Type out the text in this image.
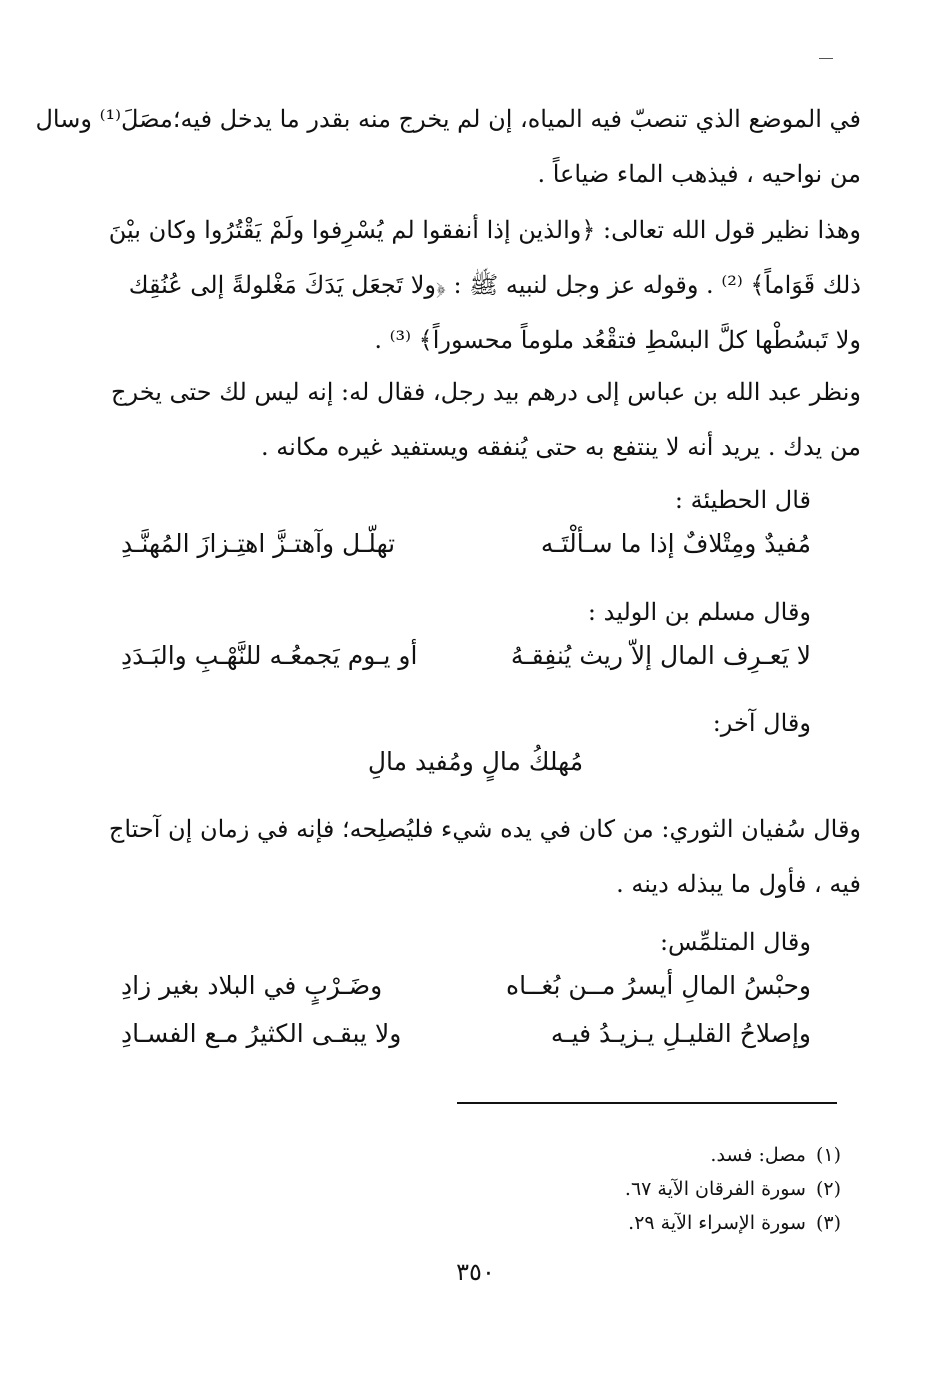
في الموضع الذي تنصبّ فيه المياه، إن لم يخرج منه بقدر ما يدخل فيه؛مصَلَ⁽¹⁾ وسال
من نواحيه ، فيذهب الماء ضياعاً .
وهذا نظير قول الله تعالى: ﴿والذين إذا أنفقوا لم يُسْرِفوا ولَمْ يَقْتُرُوا وكان بيْنَ
ذلك قَوَاماً﴾ ⁽²⁾ . وقوله عز وجل لنبيه ﷺ : ﴿ولا تَجعَل يَدَكَ مَغْلولةً إلى عُنُقِك
ولا تَبسُطْها كلَّ البسْطِ فتقْعُد ملوماً محسوراً﴾ ⁽³⁾ .
ونظر عبد الله بن عباس إلى درهم بيد رجل، فقال له: إنه ليس لك حتى يخرج
من يدك . يريد أنه لا ينتفع به حتى يُنفقه ويستفيد غيره مكانه .
قال الحطيئة :
مُفيدٌ ومِتْلافٌ إذا ما سـألْتَـه
تهلّـل وآهتـزَّ اهتِـزازَ المُهنَّـدِ
وقال مسلم بن الوليد :
لا يَعـرِف المال إلاّ ريث يُنفِقـهُ
أو يـوم يَجمعُـه للنَّهْـبِ والبَـدَدِ
وقال آخر:
مُهلكُ مالٍ ومُفيد مالِ
وقال سُفيان الثوري: من كان في يده شيء فليُصلِحه؛ فإنه في زمان إن آحتاج
فيه ، فأول ما يبذله دينه .
وقال المتلمِّس:
وحبْسُ المالِ أيسرُ مــن بُغــاه
وضَـرْبٍ في البلاد بغير زادِ
وإصلاحُ القليـلِ يـزيـدُ فيـه
ولا يبقـى الكثيرُ مـع الفسـادِ
(١)مصل: فسد.
(٢)سورة الفرقان الآية ٦٧.
(٣)سورة الإسراء الآية ٢٩.
٣٥٠
